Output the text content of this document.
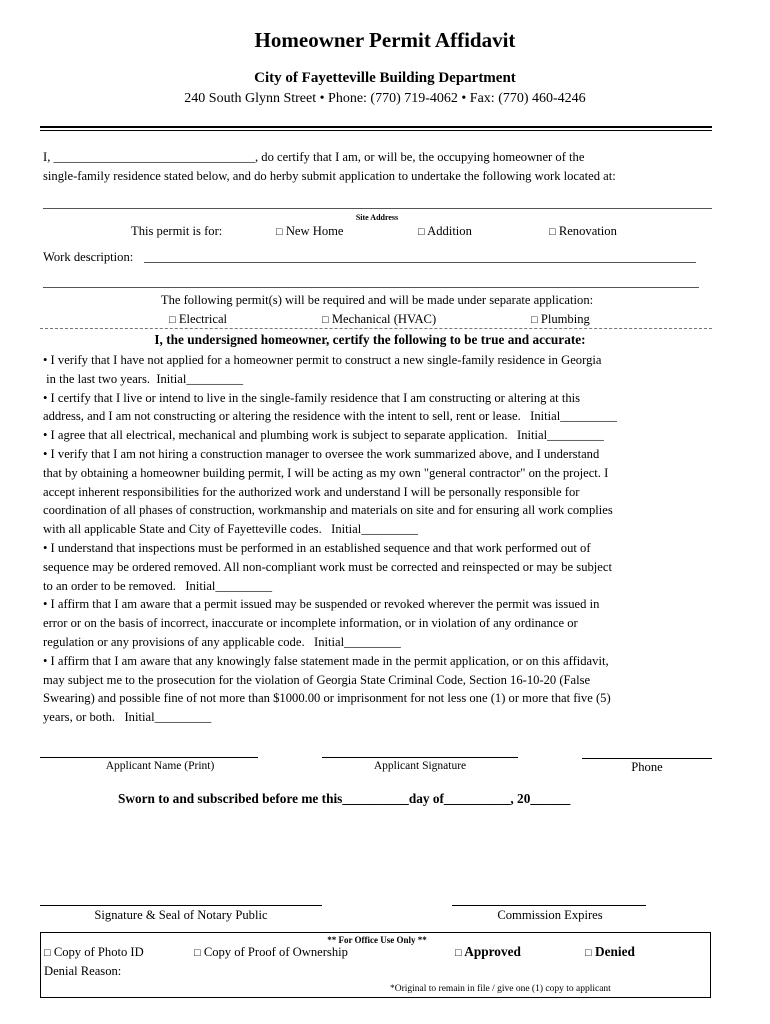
Homeowner Permit Affidavit
City of Fayetteville Building Department
240 South Glynn Street • Phone: (770) 719-4062 • Fax: (770) 460-4246
I, ________________________________, do certify that I am, or will be, the occupying homeowner of the
single-family residence stated below, and do herby submit application to undertake the following work located at:
Site Address
This permit is for:	□ New Home	□ Addition	□ Renovation
Work description:
The following permit(s) will be required and will be made under separate application:
□ Electrical	□ Mechanical (HVAC)	□ Plumbing
I, the undersigned homeowner, certify the following to be true and accurate:
• I verify that I have not applied for a homeowner permit to construct a new single-family residence in Georgia
in the last two years.  Initial_________
• I certify that I live or intend to live in the single-family residence that I am constructing or altering at this
address, and I am not constructing or altering the residence with the intent to sell, rent or lease.   Initial_________
• I agree that all electrical, mechanical and plumbing work is subject to separate application.   Initial_________
• I verify that I am not hiring a construction manager to oversee the work summarized above, and I understand
that by obtaining a homeowner building permit, I will be acting as my own "general contractor" on the project. I
accept inherent responsibilities for the authorized work and understand I will be personally responsible for
coordination of all phases of construction, workmanship and materials on site and for ensuring all work complies
with all applicable State and City of Fayetteville codes.   Initial_________
• I understand that inspections must be performed in an established sequence and that work performed out of
sequence may be ordered removed. All non-compliant work must be corrected and reinspected or may be subject
to an order to be removed.   Initial_________
• I affirm that I am aware that a permit issued may be suspended or revoked wherever the permit was issued in
error or on the basis of incorrect, inaccurate or incomplete information, or in violation of any ordinance or
regulation or any provisions of any applicable code.   Initial_________
• I affirm that I am aware that any knowingly false statement made in the permit application, or on this affidavit,
may subject me to the prosecution for the violation of Georgia State Criminal Code, Section 16-10-20 (False
Swearing) and possible fine of not more than $1000.00 or imprisonment for not less one (1) or more that five (5)
years, or both.   Initial_________
Applicant Name (Print)	Applicant Signature	Phone
Sworn to and subscribed before me this__________day of__________, 20______
Signature & Seal of Notary Public	Commission Expires
** For Office Use Only **
□ Copy of Photo ID	□ Copy of Proof of Ownership	□ Approved	□ Denied
Denial Reason:
*Original to remain in file / give one (1) copy to applicant
